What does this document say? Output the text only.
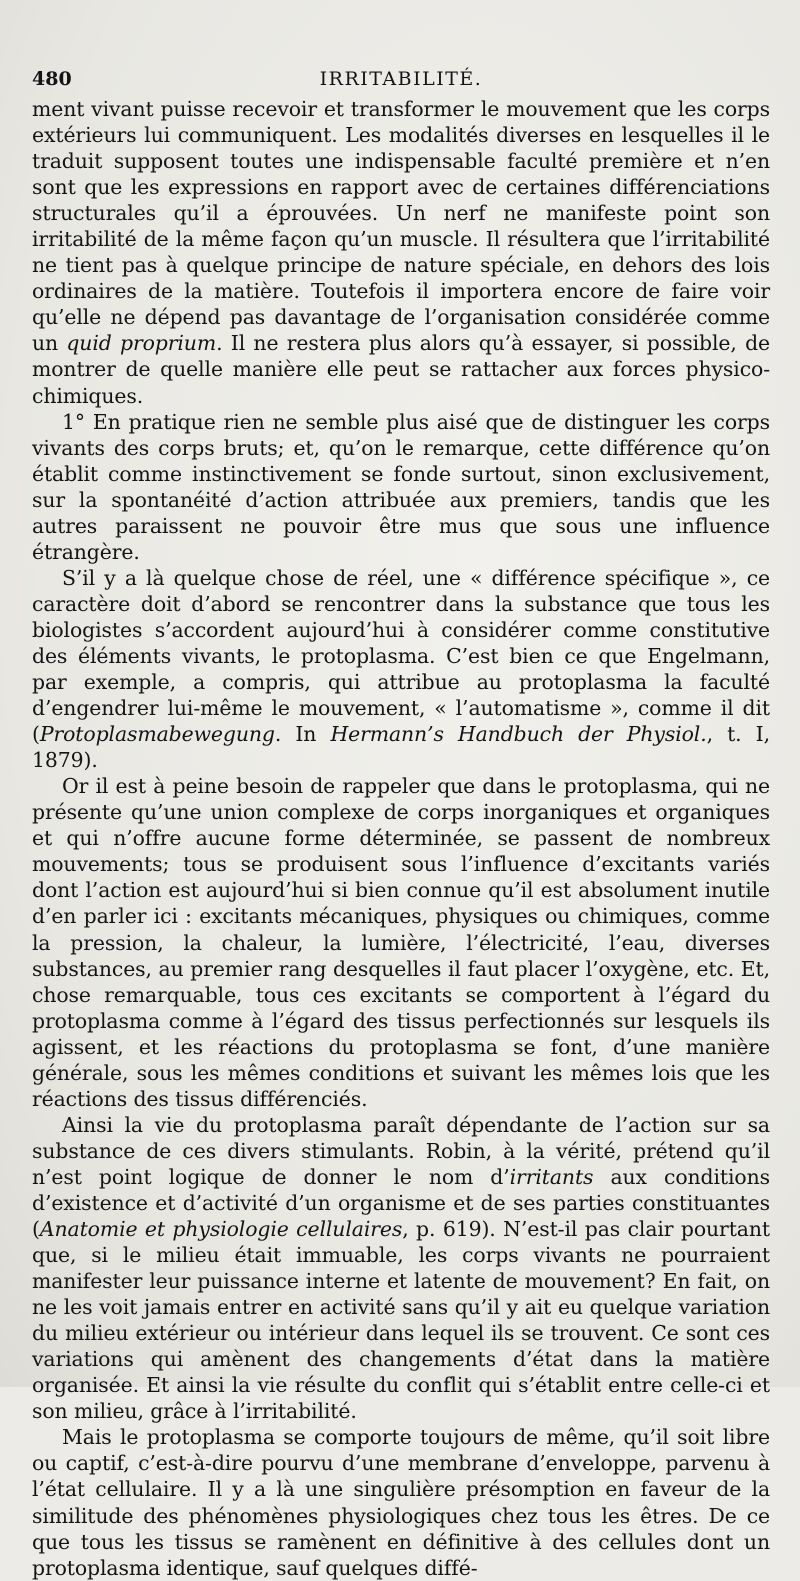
480	IRRITABILITÉ.

ment vivant puisse recevoir et transformer le mouvement que les corps extérieurs lui communiquent. Les modalités diverses en lesquelles il le traduit supposent toutes une indispensable faculté première et n’en sont que les expressions en rapport avec de certaines différenciations structurales qu’il a éprouvées. Un nerf ne manifeste point son irritabilité de la même façon qu’un muscle. Il résultera que l’irritabilité ne tient pas à quelque principe de nature spéciale, en dehors des lois ordinaires de la matière. Toutefois il importera encore de faire voir qu’elle ne dépend pas davantage de l’organisation considérée comme un quid proprium. Il ne restera plus alors qu’à essayer, si possible, de montrer de quelle manière elle peut se rattacher aux forces physico-chimiques.

1° En pratique rien ne semble plus aisé que de distinguer les corps vivants des corps bruts; et, qu’on le remarque, cette différence qu’on établit comme instinctivement se fonde surtout, sinon exclusivement, sur la spontanéité d’action attribuée aux premiers, tandis que les autres paraissent ne pouvoir être mus que sous une influence étrangère.

S’il y a là quelque chose de réel, une « différence spécifique », ce caractère doit d’abord se rencontrer dans la substance que tous les biologistes s’accordent aujourd’hui à considérer comme constitutive des éléments vivants, le protoplasma. C’est bien ce que Engelmann, par exemple, a compris, qui attribue au protoplasma la faculté d’engendrer lui-même le mouvement, « l’automatisme », comme il dit (Protoplasmabewegung. In Hermann’s Handbuch der Physiol., t. I, 1879).

Or il est à peine besoin de rappeler que dans le protoplasma, qui ne présente qu’une union complexe de corps inorganiques et organiques et qui n’offre aucune forme déterminée, se passent de nombreux mouvements; tous se produisent sous l’influence d’excitants variés dont l’action est aujourd’hui si bien connue qu’il est absolument inutile d’en parler ici : excitants mécaniques, physiques ou chimiques, comme la pression, la chaleur, la lumière, l’électricité, l’eau, diverses substances, au premier rang desquelles il faut placer l’oxygène, etc. Et, chose remarquable, tous ces excitants se comportent à l’égard du protoplasma comme à l’égard des tissus perfectionnés sur lesquels ils agissent, et les réactions du protoplasma se font, d’une manière générale, sous les mêmes conditions et suivant les mêmes lois que les réactions des tissus différenciés.

Ainsi la vie du protoplasma paraît dépendante de l’action sur sa substance de ces divers stimulants. Robin, à la vérité, prétend qu’il n’est point logique de donner le nom d’irritants aux conditions d’existence et d’activité d’un organisme et de ses parties constituantes (Anatomie et physiologie cellulaires, p. 619). N’est-il pas clair pourtant que, si le milieu était immuable, les corps vivants ne pourraient manifester leur puissance interne et latente de mouvement? En fait, on ne les voit jamais entrer en activité sans qu’il y ait eu quelque variation du milieu extérieur ou intérieur dans lequel ils se trouvent. Ce sont ces variations qui amènent des changements d’état dans la matière organisée. Et ainsi la vie résulte du conflit qui s’établit entre celle-ci et son milieu, grâce à l’irritabilité.

Mais le protoplasma se comporte toujours de même, qu’il soit libre ou captif, c’est-à-dire pourvu d’une membrane d’enveloppe, parvenu à l’état cellulaire. Il y a là une singulière présomption en faveur de la similitude des phénomènes physiologiques chez tous les êtres. De ce que tous les tissus se ramènent en définitive à des cellules dont un protoplasma identique, sauf quelques diffé-
